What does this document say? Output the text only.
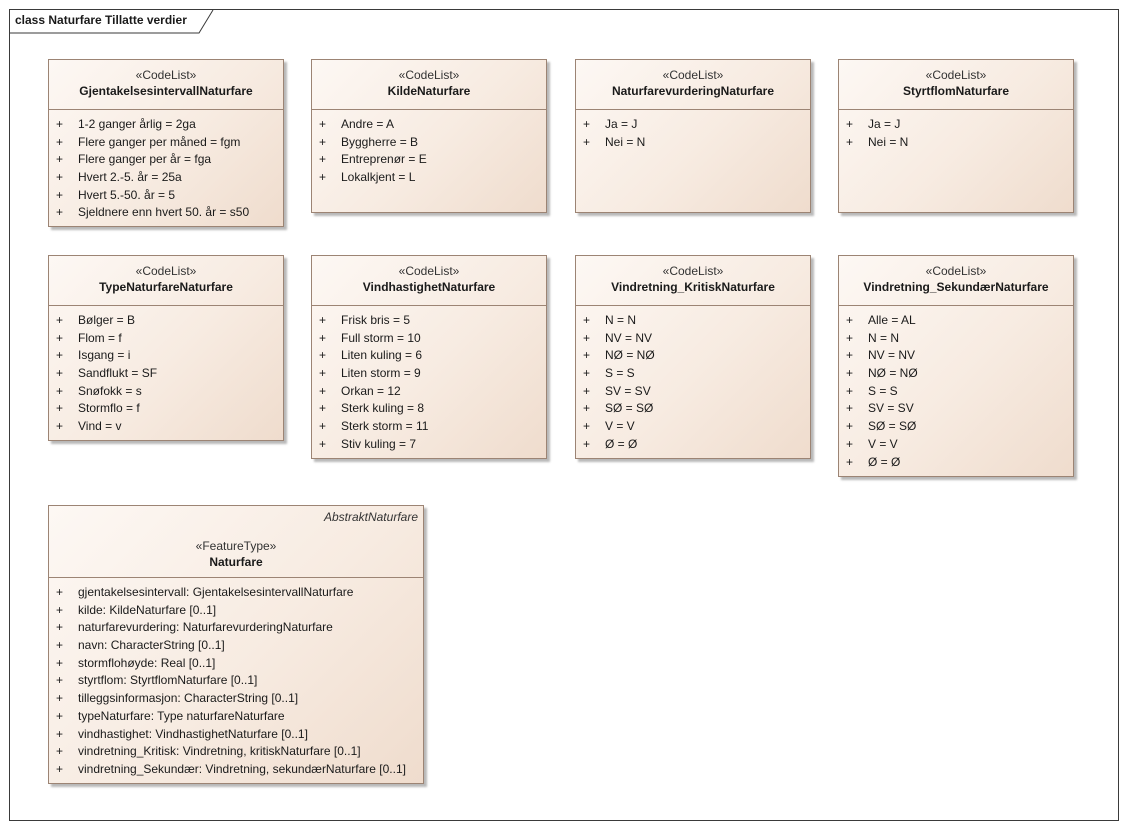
class Naturfare Tillatte verdier
«CodeList»
GjentakelsesintervallNaturfare
+ 1-2 ganger årlig = 2ga
+ Flere ganger per måned = fgm
+ Flere ganger per år = fga
+ Hvert 2.-5. år = 25a
+ Hvert 5.-50. år = 5
+ Sjeldnere enn hvert 50. år = s50
«CodeList»
KildeNaturfare
+ Andre = A
+ Byggherre = B
+ Entreprenør = E
+ Lokalkjent = L
«CodeList»
NaturfarevurderingNaturfare
+ Ja = J
+ Nei = N
«CodeList»
StyrtflomNaturfare
+ Ja = J
+ Nei = N
«CodeList»
TypeNaturfareNaturfare
+ Bølger = B
+ Flom = f
+ Isgang = i
+ Sandflukt = SF
+ Snøfokk = s
+ Stormflo = f
+ Vind = v
«CodeList»
VindhastighetNaturfare
+ Frisk bris = 5
+ Full storm = 10
+ Liten kuling = 6
+ Liten storm = 9
+ Orkan = 12
+ Sterk kuling = 8
+ Sterk storm = 11
+ Stiv kuling = 7
«CodeList»
Vindretning_KritiskNaturfare
+ N = N
+ NV = NV
+ NØ = NØ
+ S = S
+ SV = SV
+ SØ = SØ
+ V = V
+ Ø = Ø
«CodeList»
Vindretning_SekundærNaturfare
+ Alle = AL
+ N = N
+ NV = NV
+ NØ = NØ
+ S = S
+ SV = SV
+ SØ = SØ
+ V = V
+ Ø = Ø
AbstraktNaturfare
«FeatureType»
Naturfare
+ gjentakelsesintervall: GjentakelsesintervallNaturfare
+ kilde: KildeNaturfare [0..1]
+ naturfarevurdering: NaturfarevurderingNaturfare
+ navn: CharacterString [0..1]
+ stormflohøyde: Real [0..1]
+ styrtflom: StyrtflomNaturfare [0..1]
+ tilleggsinformasjon: CharacterString [0..1]
+ typeNaturfare: Type naturfareNaturfare
+ vindhastighet: VindhastighetNaturfare [0..1]
+ vindretning_Kritisk: Vindretning, kritiskNaturfare [0..1]
+ vindretning_Sekundær: Vindretning, sekundærNaturfare [0..1]
